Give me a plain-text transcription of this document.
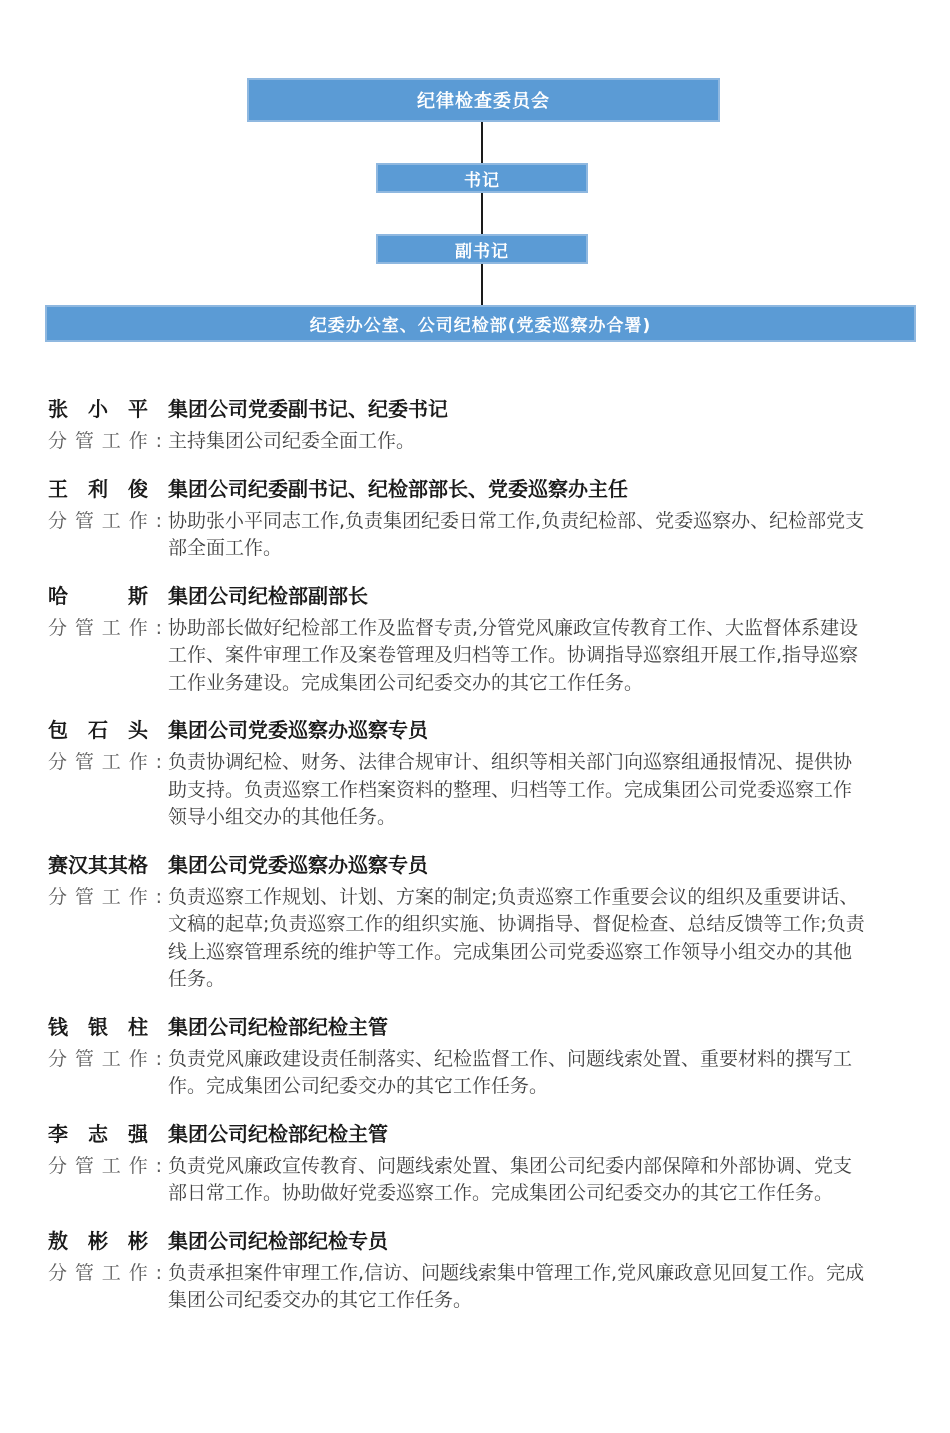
纪律检查委员会
书记
副书记
纪委办公室、公司纪检部(党委巡察办合署)
张小平 集团公司党委副书记、纪委书记
分管工作: 主持集团公司纪委全面工作。
王利俊 集团公司纪委副书记、纪检部部长、党委巡察办主任
分管工作: 协助张小平同志工作,负责集团纪委日常工作,负责纪检部、党委巡察办、纪检部党支部全面工作。
哈斯 集团公司纪检部副部长
分管工作: 协助部长做好纪检部工作及监督专责,分管党风廉政宣传教育工作、大监督体系建设工作、案件审理工作及案卷管理及归档等工作。协调指导巡察组开展工作,指导巡察工作业务建设。完成集团公司纪委交办的其它工作任务。
包石头 集团公司党委巡察办巡察专员
分管工作: 负责协调纪检、财务、法律合规审计、组织等相关部门向巡察组通报情况、提供协助支持。负责巡察工作档案资料的整理、归档等工作。完成集团公司党委巡察工作领导小组交办的其他任务。
赛汉其其格 集团公司党委巡察办巡察专员
分管工作: 负责巡察工作规划、计划、方案的制定;负责巡察工作重要会议的组织及重要讲话、文稿的起草;负责巡察工作的组织实施、协调指导、督促检查、总结反馈等工作;负责线上巡察管理系统的维护等工作。完成集团公司党委巡察工作领导小组交办的其他任务。
钱银柱 集团公司纪检部纪检主管
分管工作: 负责党风廉政建设责任制落实、纪检监督工作、问题线索处置、重要材料的撰写工作。完成集团公司纪委交办的其它工作任务。
李志强 集团公司纪检部纪检主管
分管工作: 负责党风廉政宣传教育、问题线索处置、集团公司纪委内部保障和外部协调、党支部日常工作。协助做好党委巡察工作。完成集团公司纪委交办的其它工作任务。
敖彬彬 集团公司纪检部纪检专员
分管工作: 负责承担案件审理工作,信访、问题线索集中管理工作,党风廉政意见回复工作。完成集团公司纪委交办的其它工作任务。
